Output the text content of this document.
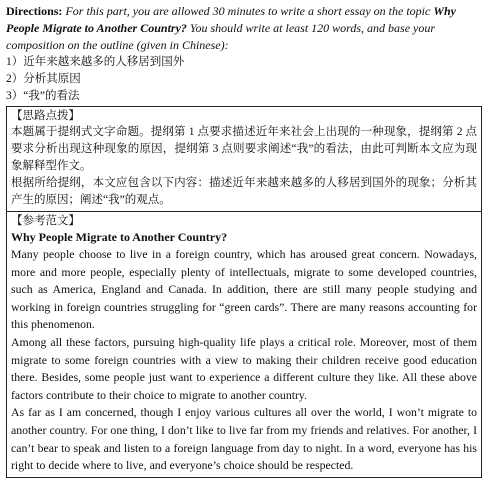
Directions: For this part, you are allowed 30 minutes to write a short essay on the topic Why People Migrate to Another Country? You should write at least 120 words, and base your composition on the outline (given in Chinese):

1）近年来越来越多的人移居到国外
2）分析其原因
3）“我”的看法

【思路点拨】

本题属于提纲式文字命题。提纲第 1 点要求描述近年来社会上出现的一种现象，提纲第 2 点要求分析出现这种现象的原因，提纲第 3 点则要求阐述“我”的看法，由此可判断本文应为现象解释型作文。

根据所给提纲，本文应包含以下内容：描述近年来越来越多的人移居到国外的现象；分析其产生的原因；阐述“我”的观点。

【参考范文】

Why People Migrate to Another Country?

Many people choose to live in a foreign country, which has aroused great concern. Nowadays, more and more people, especially plenty of intellectuals, migrate to some developed countries, such as America, England and Canada. In addition, there are still many people studying and working in foreign countries struggling for “green cards”. There are many reasons accounting for this phenomenon.

Among all these factors, pursuing high-quality life plays a critical role. Moreover, most of them migrate to some foreign countries with a view to making their children receive good education there. Besides, some people just want to experience a different culture they like. All these above factors contribute to their choice to migrate to another country.

As far as I am concerned, though I enjoy various cultures all over the world, I won’t migrate to another country. For one thing, I don’t like to live far from my friends and relatives. For another, I can’t bear to speak and listen to a foreign language from day to night. In a word, everyone has his right to decide where to live, and everyone’s choice should be respected.
